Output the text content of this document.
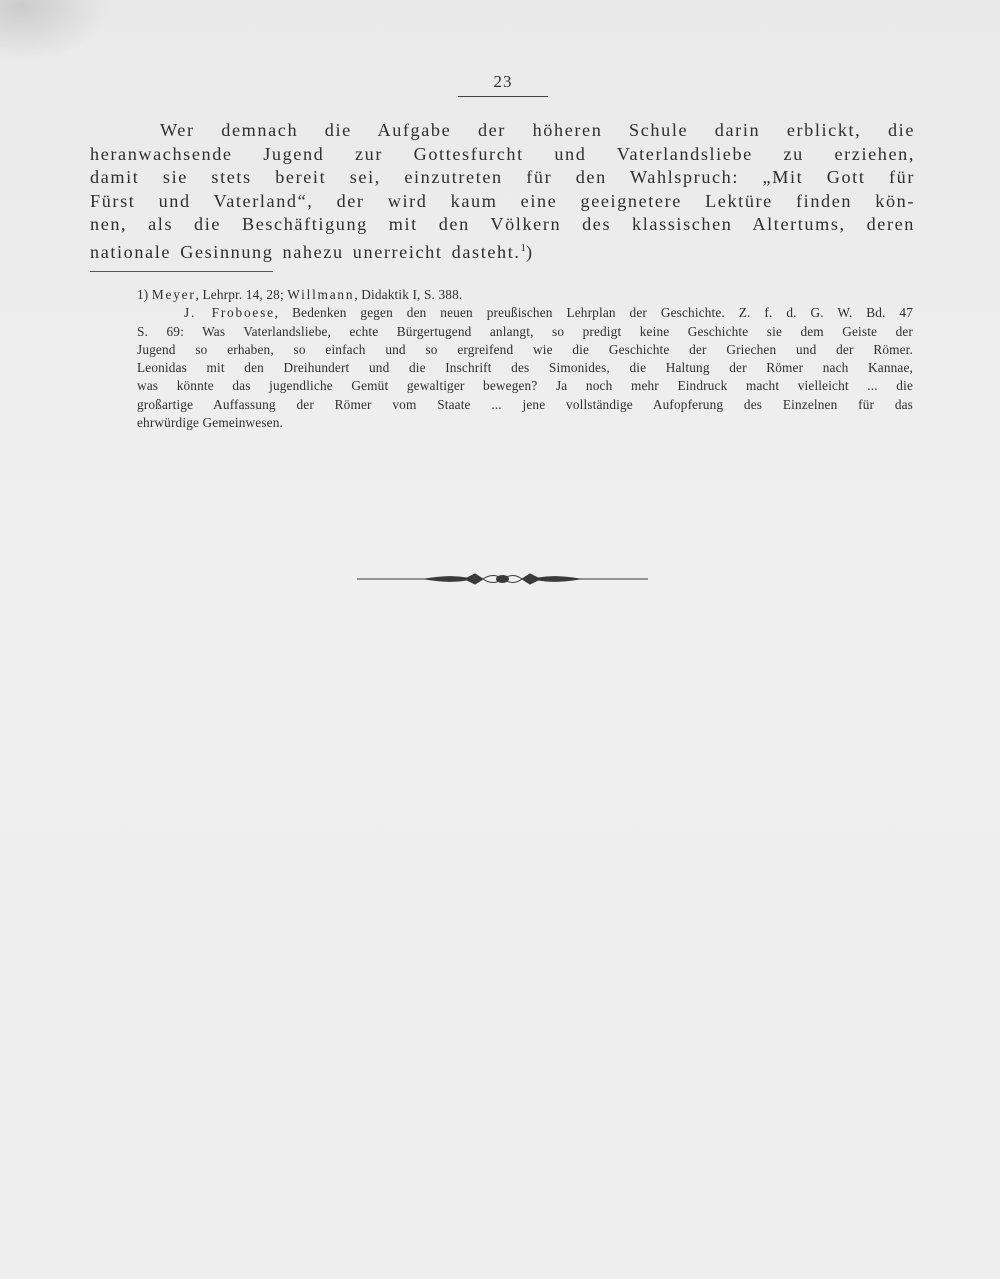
23
Wer demnach die Aufgabe der höheren Schule darin erblickt, die
heranwachsende Jugend zur Gottesfurcht und Vaterlandsliebe zu erziehen,
damit sie stets bereit sei, einzutreten für den Wahlspruch: „Mit Gott für
Fürst und Vaterland“, der wird kaum eine geeignetere Lektüre finden kön-
nen, als die Beschäftigung mit den Völkern des klassischen Altertums, deren
nationale Gesinnung nahezu unerreicht dasteht.$^1$)
1) Meyer, Lehrpr. 14, 28; Willmann, Didaktik I, S. 388.
J. Froboese, Bedenken gegen den neuen preußischen Lehrplan der Geschichte. Z. f. d. G. W. Bd. 47
S. 69: Was Vaterlandsliebe, echte Bürgertugend anlangt, so predigt keine Geschichte sie dem Geiste der
Jugend so erhaben, so einfach und so ergreifend wie die Geschichte der Griechen und der Römer.
Leonidas mit den Dreihundert und die Inschrift des Simonides, die Haltung der Römer nach Kannae,
was könnte das jugendliche Gemüt gewaltiger bewegen? Ja noch mehr Eindruck macht vielleicht ... die
großartige Auffassung der Römer vom Staate ... jene vollständige Aufopferung des Einzelnen für das
ehrwürdige Gemeinwesen.
